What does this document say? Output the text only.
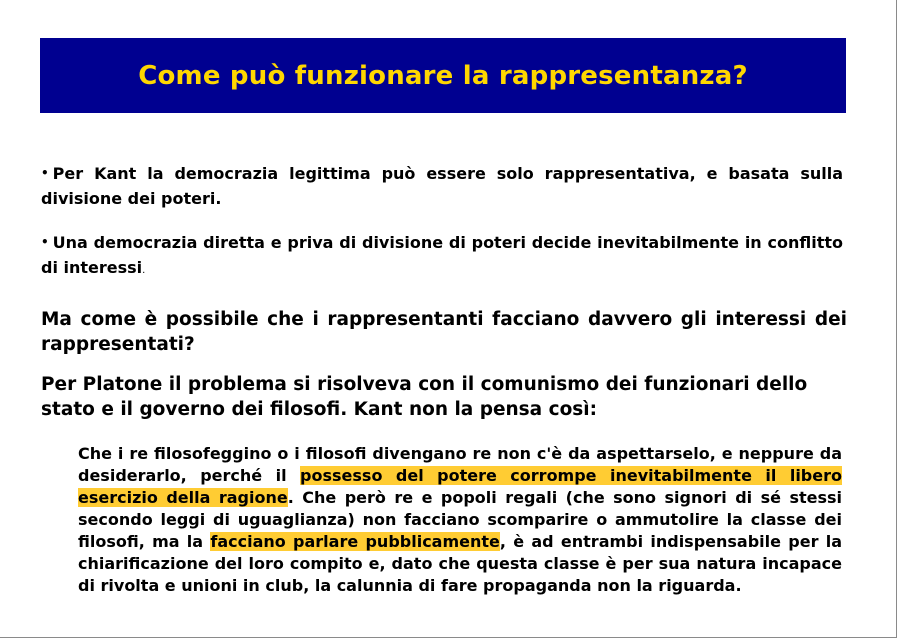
Come può funzionare la rappresentanza?

• Per Kant la democrazia legittima può essere solo rappresentativa, e basata sulla divisione dei poteri.

• Una democrazia diretta e priva di divisione di poteri decide inevitabilmente in conflitto di interessi.

Ma come è possibile che i rappresentanti facciano davvero gli interessi dei rappresentati?
Per Platone il problema si risolveva con il comunismo dei funzionari dello stato e il governo dei filosofi. Kant non la pensa così:
Che i re filosofeggino o i filosofi divengano re non c'è da aspettarselo, e neppure da desiderarlo, perché il possesso del potere corrompe inevitabilmente il libero esercizio della ragione. Che però re e popoli regali (che sono signori di sé stessi secondo leggi di uguaglianza) non facciano scomparire o ammutolire la classe dei filosofi, ma la facciano parlare pubblicamente, è ad entrambi indispensabile per la chiarificazione del loro compito e, dato che questa classe è per sua natura incapace di rivolta e unioni in club, la calunnia di fare propaganda non la riguarda.
